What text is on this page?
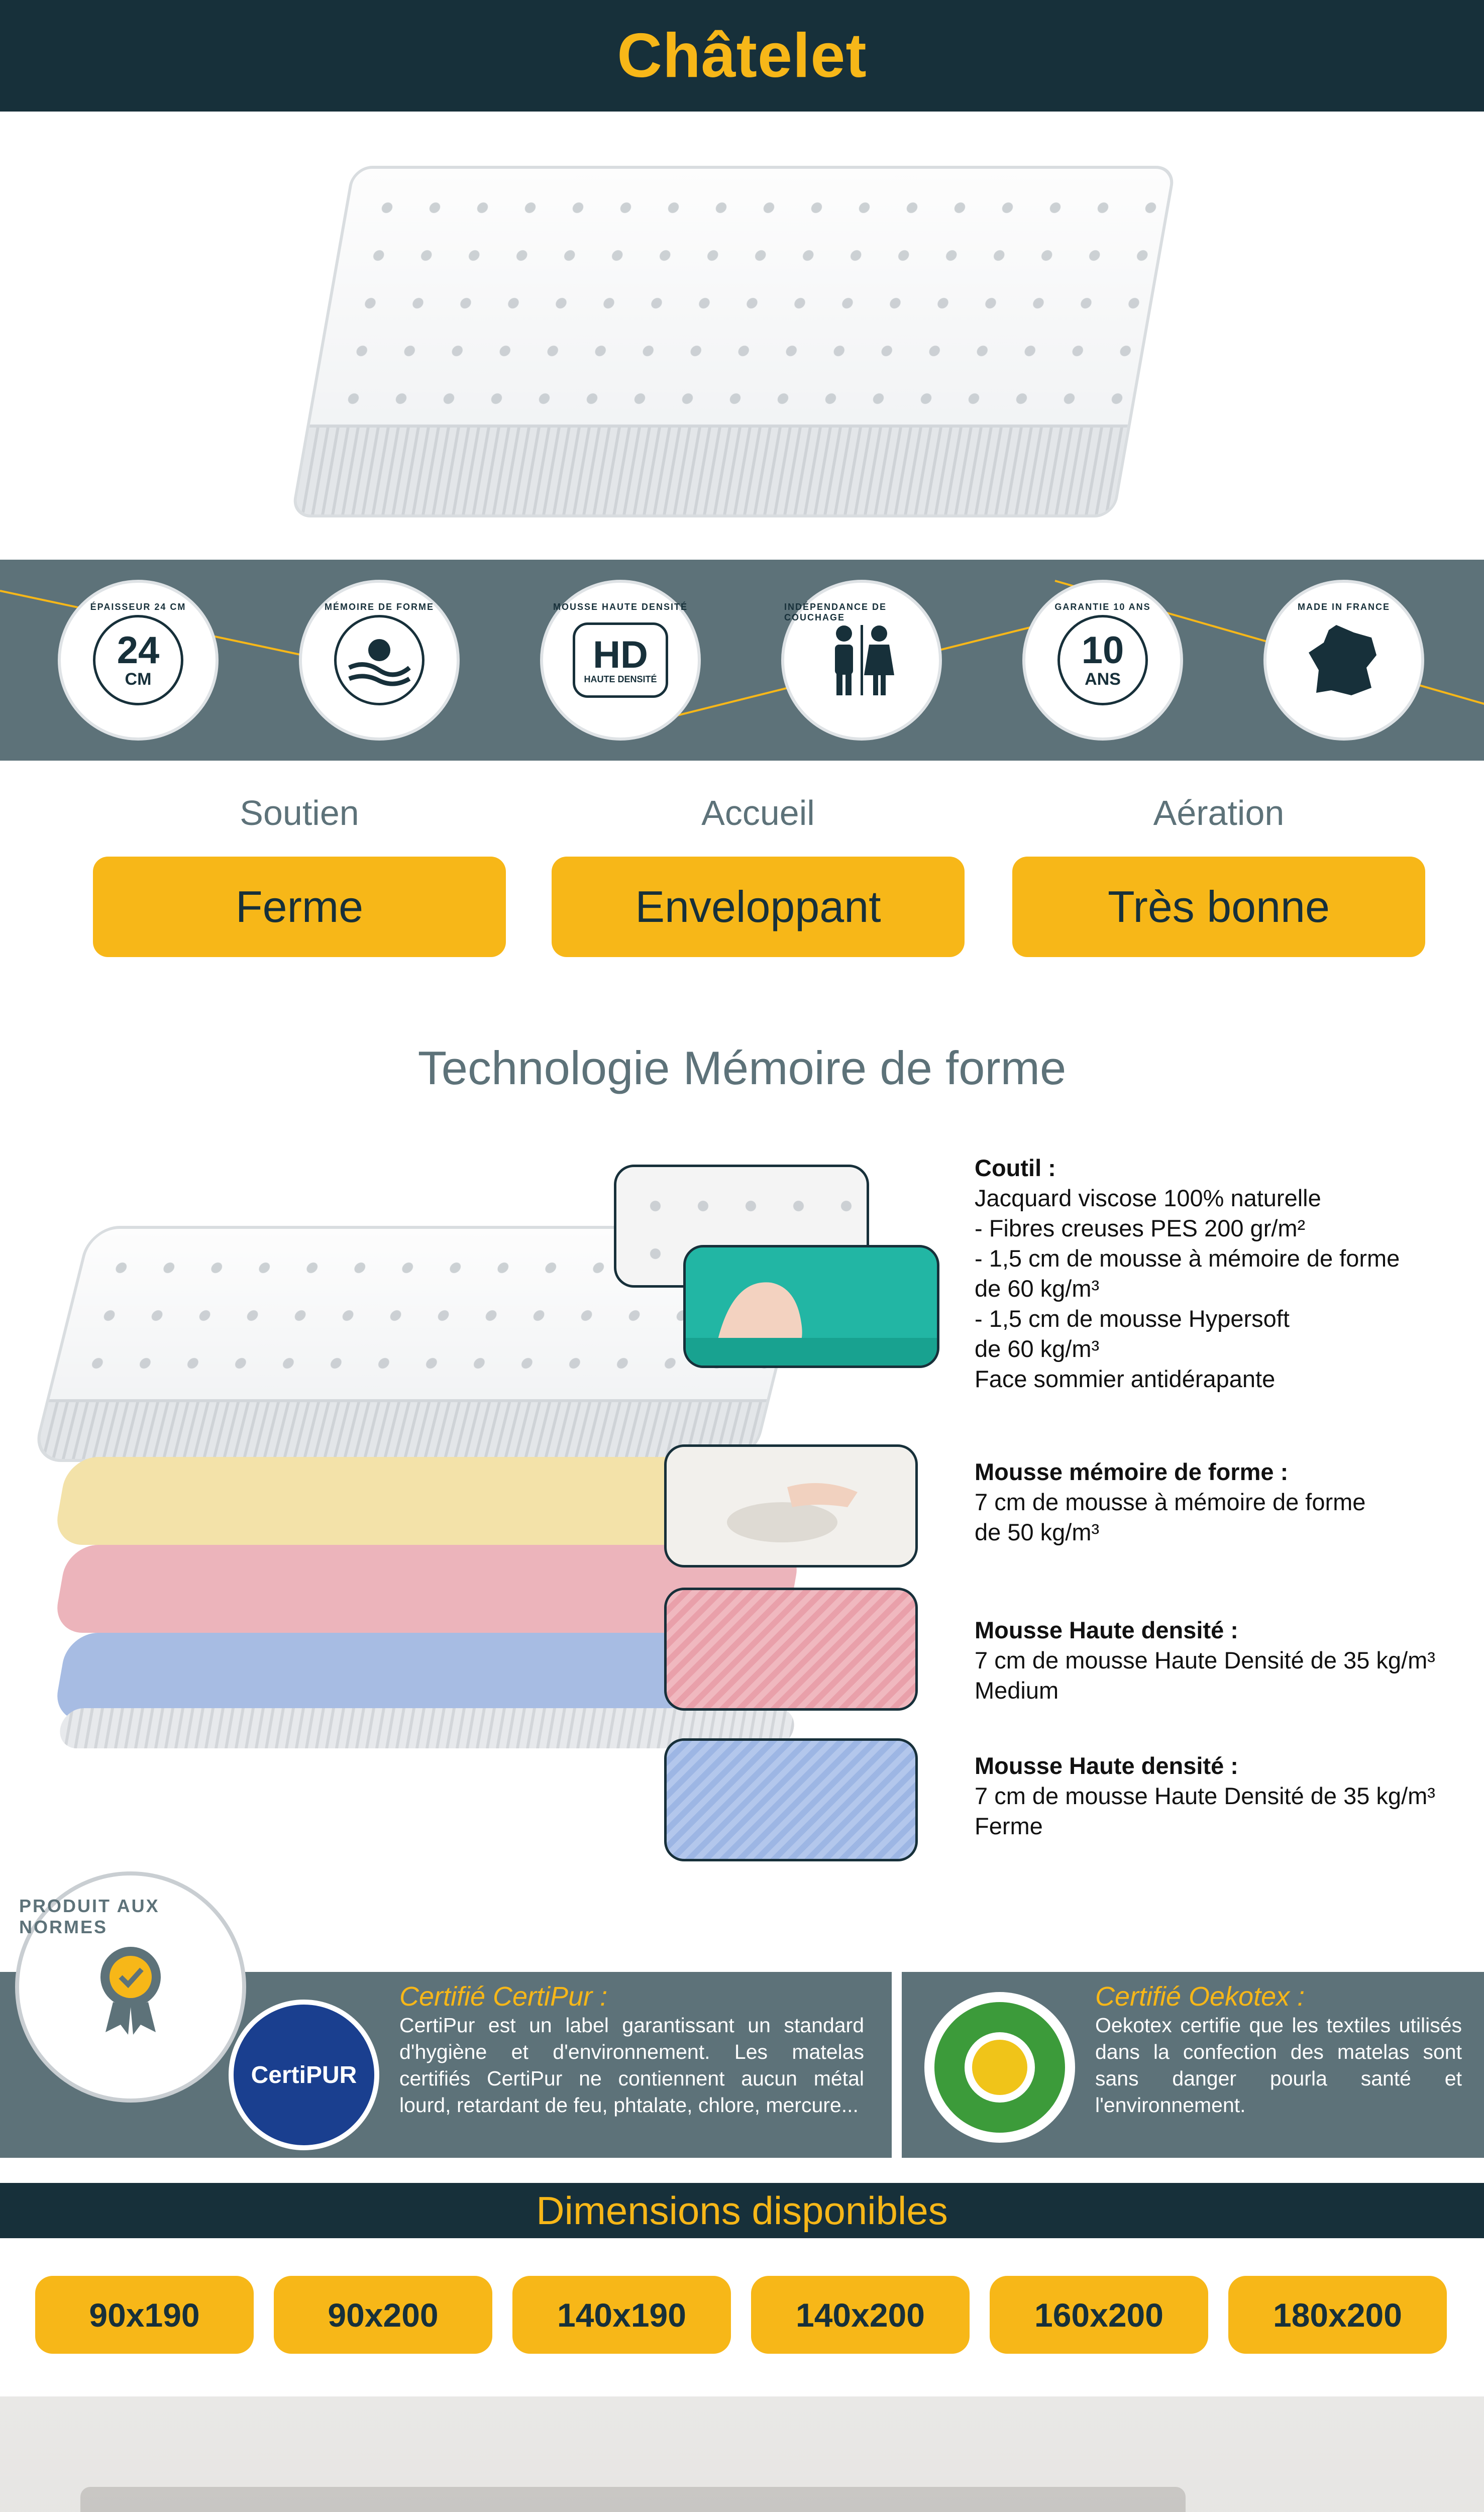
Châtelet
ÉPAISSEUR 24 CM
24
CM
MÉMOIRE DE FORME	MOUSSE HAUTE DENSITÉ
HD
HAUTE DENSITÉ
INDÉPENDANCE DE COUCHAGE
GARANTIE 10 ANS
10
ANS
MADE IN FRANCE
Soutien	Accueil	Aération
Ferme	Enveloppant	Très bonne
Technologie Mémoire de forme
Coutil :
Jacquard viscose 100% naturelle
- Fibres creuses PES 200 gr/m²
- 1,5 cm de mousse à mémoire de forme
de 60 kg/m³
- 1,5 cm de mousse Hypersoft
de 60 kg/m³
Face sommier antidérapante
Mousse mémoire de forme :
7 cm de mousse à mémoire de forme
de 50 kg/m³
Mousse Haute densité :
7 cm de mousse Haute Densité de 35 kg/m³
Medium
Mousse Haute densité :
7 cm de mousse Haute Densité de 35 kg/m³
Ferme
Certifié CertiPur :
CertiPur est un label garantissant un standard d'hygiène et d'environnement. Les matelas certifiés CertiPur ne contiennent aucun métal lourd, retardant de feu, phtalate, chlore, mercure...
CertiPUR
PRODUIT AUX NORMES
Certifié Oekotex :
Oekotex certifie que les textiles utilisés dans la confection des matelas sont sans danger pourla santé et l'environnement.
Dimensions disponibles
90x190	90x200	140x190	140x200	160x200	180x200
